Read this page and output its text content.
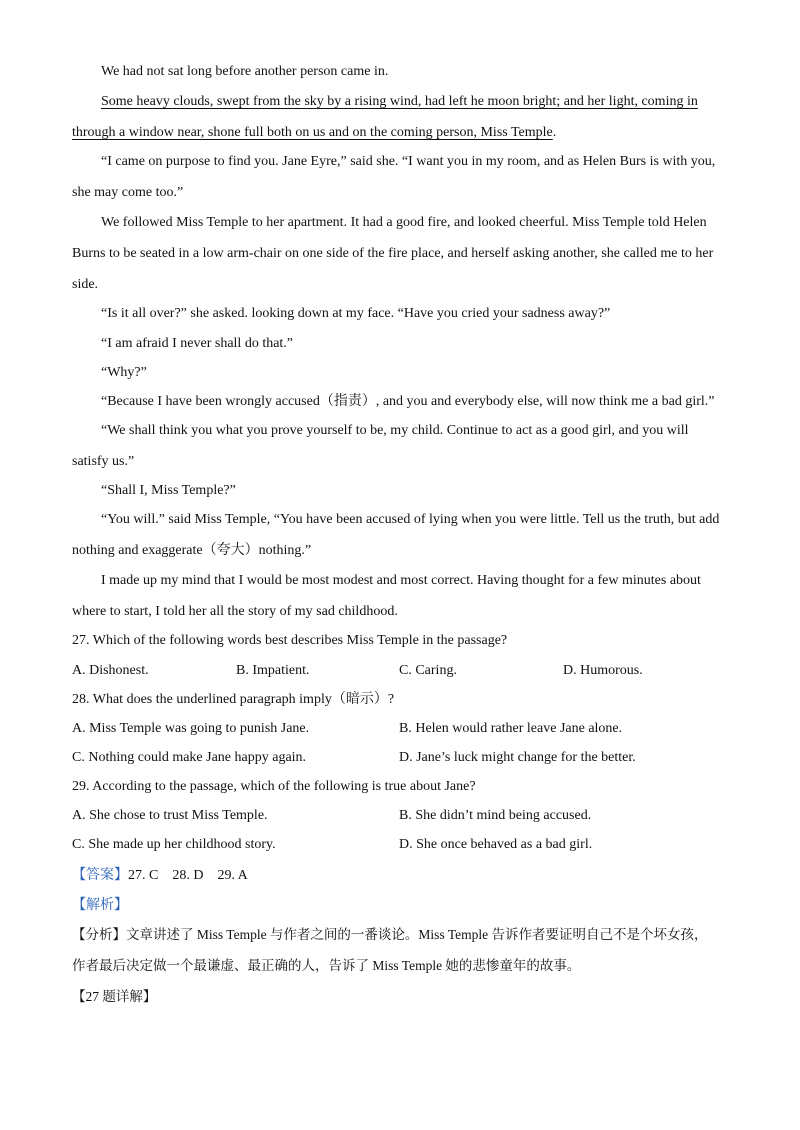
We had not sat long before another person came in.
Some heavy clouds, swept from the sky by a rising wind, had left he moon bright; and her light, coming in
through a window near, shone full both on us and on the coming person, Miss Temple.
“I came on purpose to find you. Jane Eyre,” said she. “I want you in my room, and as Helen Burs is with you,
she may come too.”
We followed Miss Temple to her apartment. It had a good fire, and looked cheerful. Miss Temple told Helen
Burns to be seated in a low arm-chair on one side of the fire place, and herself asking another, she called me to her
side.
“Is it all over?” she asked. looking down at my face. “Have you cried your sadness away?”
“I am afraid I never shall do that.”
“Why?”
“Because I have been wrongly accused（指责）, and you and everybody else, will now think me a bad girl.”
“We shall think you what you prove yourself to be, my child. Continue to act as a good girl, and you will
satisfy us.”
“Shall I, Miss Temple?”
“You will.” said Miss Temple, “You have been accused of lying when you were little. Tell us the truth, but add
nothing and exaggerate（夸大）nothing.”
I made up my mind that I would be most modest and most correct. Having thought for a few minutes about
where to start, I told her all the story of my sad childhood.
27. Which of the following words best describes Miss Temple in the passage?
A. Dishonest.	B. Impatient.	C. Caring.	D. Humorous.
28. What does the underlined paragraph imply（暗示）?
A. Miss Temple was going to punish Jane.	B. Helen would rather leave Jane alone.
C. Nothing could make Jane happy again.	D. Jane’s luck might change for the better.
29. According to the passage, which of the following is true about Jane?
A. She chose to trust Miss Temple.	B. She didn’t mind being accused.
C. She made up her childhood story.	D. She once behaved as a bad girl.
【答案】27. C    28. D    29. A
【解析】
【分析】文章讲述了 Miss Temple 与作者之间的一番谈论。Miss Temple 告诉作者要证明自己不是个坏女孩，
作者最后决定做一个最谦虚、最正确的人，告诉了 Miss Temple 她的悲惨童年的故事。
【27 题详解】
